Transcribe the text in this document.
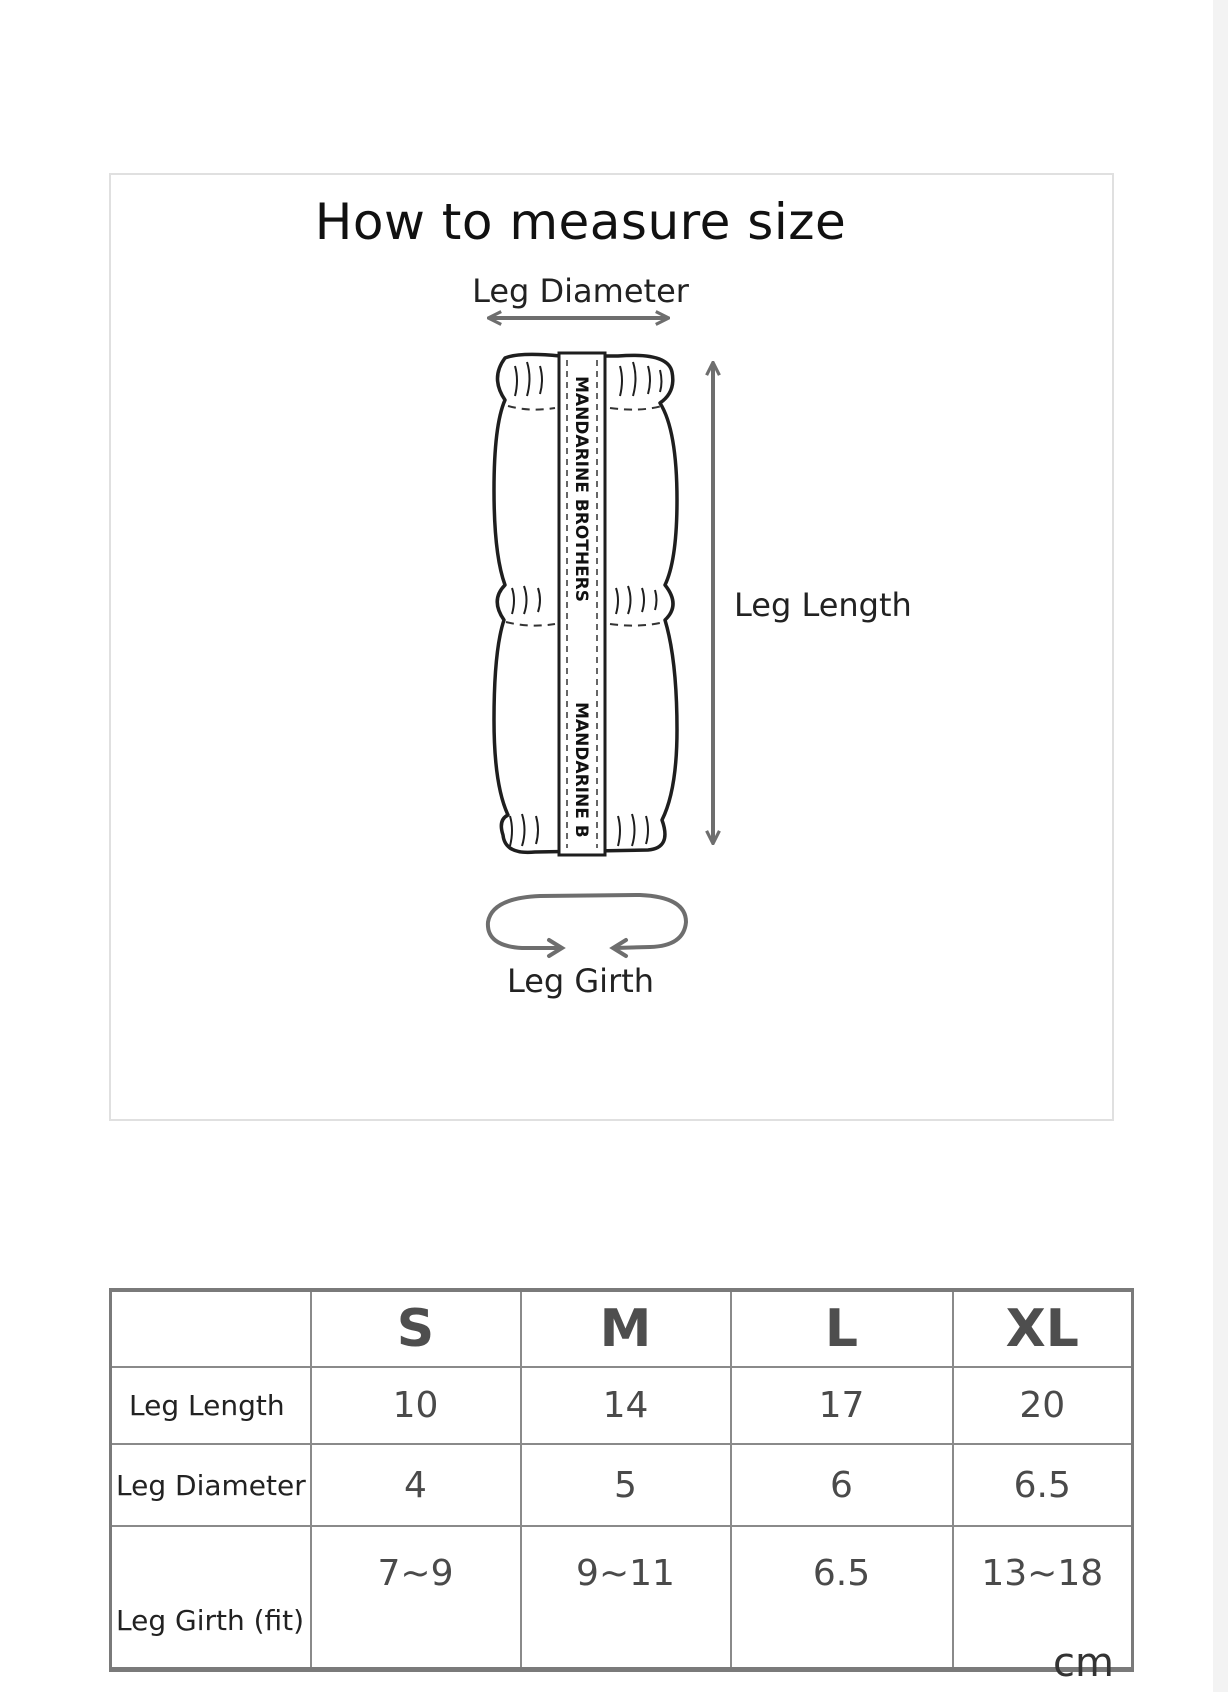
How to measure size
Leg Diameter
Leg Length
Leg Girth
MANDARINE BROTHERS
MANDARINE B
	S	M	L	XL
Leg Length	10	14	17	20
Leg Diameter	4	5	6	6.5
Leg Girth (fit)	7~9	9~11	6.5	13~18
cm
